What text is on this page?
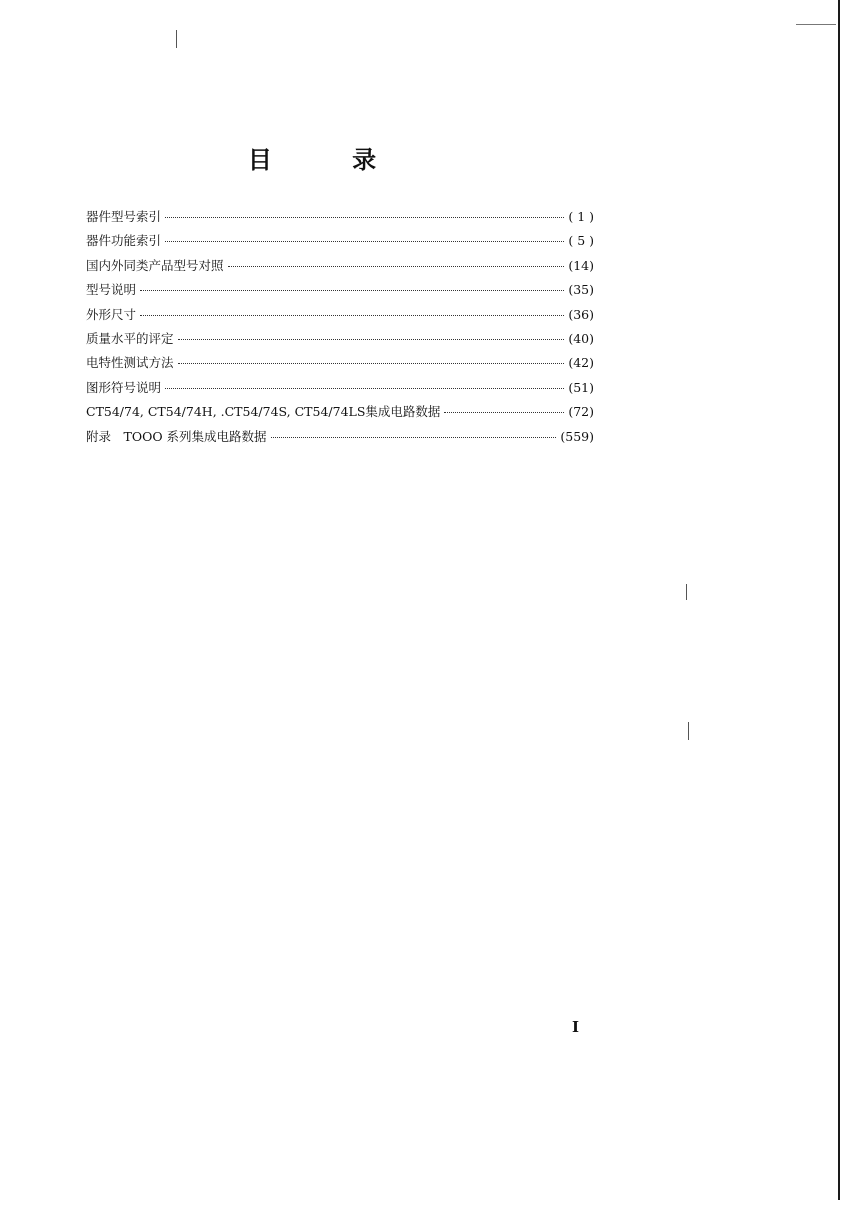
目 录
器件型号索引	( 1 )
器件功能索引	( 5 )
国内外同类产品型号对照	(14)
型号说明	(35)
外形尺寸	(36)
质量水平的评定	(40)
电特性测试方法	(42)
图形符号说明	(51)
CT54/74, CT54/74H, .CT54/74S, CT54/74LS集成电路数据	(72)
附录　TOOO 系列集成电路数据	(559)

Ⅰ
